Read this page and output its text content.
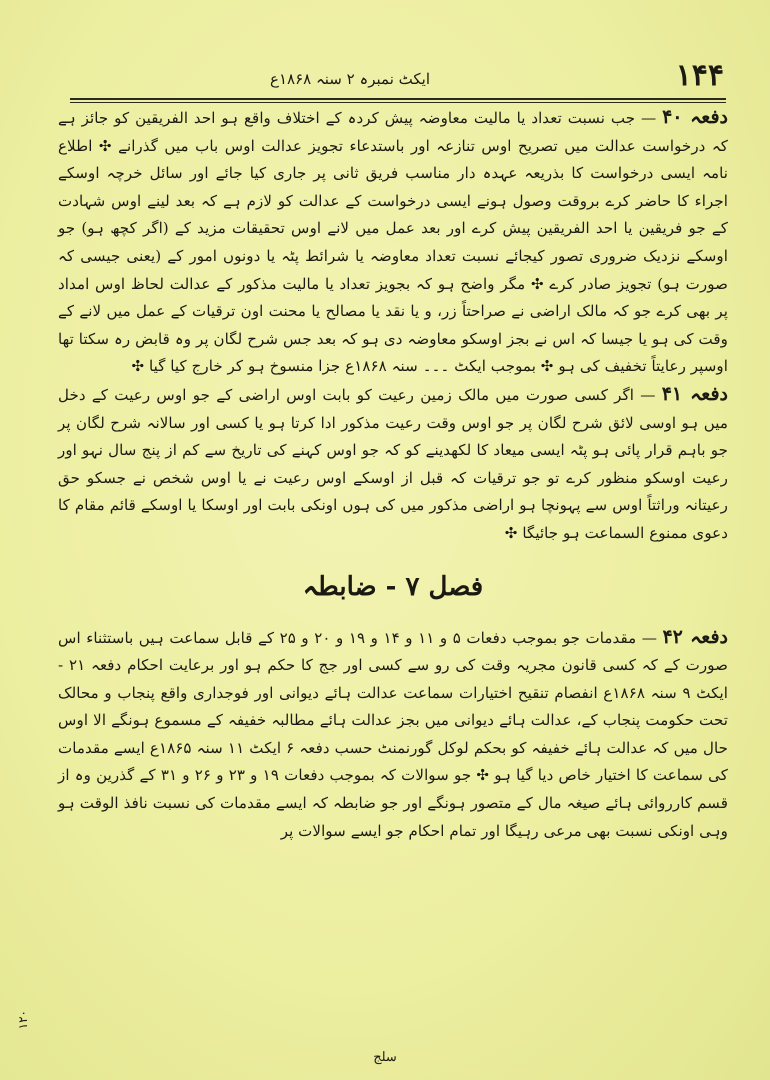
ایکٹ نمبرہ ۲ سنہ ۱۸۶۸ع	۱۴۴

دفعہ ۴۰ — جب نسبت تعداد یا مالیت معاوضہ پیش کردہ کے اختلاف واقع ہو احد الفریقین کو جائز ہے کہ درخواست عدالت میں تصریح اوس تنازعہ اور باستدعاء تجویز عدالت اوس باب میں گذرانے ✣ اطلاع نامہ ایسی درخواست کا بذریعہ عہدہ دار مناسب فریق ثانی پر جاری کیا جائے اور سائل خرچہ اوسکے اجراء کا حاضر کرے بروقت وصول ہونے ایسی درخواست کے عدالت کو لازم ہے کہ بعد لینے اوس شہادت کے جو فریقین یا احد الفریقین پیش کرے اور بعد عمل میں لانے اوس تحقیقات مزید کے (اگر کچھ ہو) جو اوسکے نزدیک ضروری تصور کیجائے نسبت تعداد معاوضہ یا شرائط پٹہ یا دونوں امور کے (یعنی جیسی کہ صورت ہو) تجویز صادر کرے ✣ مگر واضح ہو کہ بجویز تعداد یا مالیت مذکور کے عدالت لحاظ اوس امداد پر بھی کرے جو کہ مالک اراضی نے صراحتاً زر، و یا نقد یا مصالح یا محنت اون ترقیات کے عمل میں لانے کے وقت کی ہو یا جیسا کہ اس نے بجز اوسکو معاوضہ دی ہو کہ بعد جس شرح لگان پر وہ قابض رہ سکتا تھا اوسپر رعایتاً تخفیف کی ہو ✣ بموجب ایکٹ ۔۔۔ سنہ ۱۸۶۸ع جزا منسوخ ہو کر خارج کیا گیا ✣

دفعہ ۴۱ — اگر کسی صورت میں مالک زمین رعیت کو بابت اوس اراضی کے جو اوس رعیت کے دخل میں ہو اوسی لائق شرح لگان پر جو اوس وقت رعیت مذکور ادا کرتا ہو یا کسی اور سالانہ شرح لگان پر جو باہم قرار پائی ہو پٹہ ایسی میعاد کا لکھدینے کو کہ جو اوس کہنے کی تاریخ سے کم از پنج سال نہو اور رعیت اوسکو منظور کرے تو جو ترقیات کہ قبل از اوسکے اوس رعیت نے یا اوس شخص نے جسکو حق رعیتانہ وراثتاً اوس سے پہونچا ہو اراضی مذکور میں کی ہوں اونکی بابت اور اوسکا یا اوسکے قائم مقام کا دعوی ممنوع السماعت ہو جائیگا ✣

فصل ۷ - ضابطہ

دفعہ ۴۲ — مقدمات جو بموجب دفعات ۵ و ۱۱ و ۱۴ و ۱۹ و ۲۰ و ۲۵ کے قابل سماعت ہیں باستثناء اس صورت کے کہ کسی قانون مجریہ وقت کی رو سے کسی اور جج کا حکم ہو اور برعایت احکام دفعہ ۲۱ - ایکٹ ۹ سنہ ۱۸۶۸ع انفصام تنقیح اختیارات سماعت عدالت ہائے دیوانی اور فوجداری واقع پنجاب و محالک تحت حکومت پنجاب کے، عدالت ہائے دیوانی میں بجز عدالت ہائے مطالبہ خفیفہ کے مسموع ہونگے الا اوس حال میں کہ عدالت ہائے خفیفہ کو بحکم لوکل گورنمنٹ حسب دفعہ ۶ ایکٹ ۱۱ سنہ ۱۸۶۵ع ایسے مقدمات کی سماعت کا اختیار خاص دیا گیا ہو ✣ جو سوالات کہ بموجب دفعات ۱۹ و ۲۳ و ۲۶ و ۳۱ کے گذرین وہ از قسم کارروائی ہائے صیغہ مال کے متصور ہونگے اور جو ضابطہ کہ ایسے مقدمات کی نسبت نافذ الوقت ہو وہی اونکی نسبت بھی مرعی رہیگا اور تمام احکام جو ایسے سوالات پر

۱۲۰
سلج
